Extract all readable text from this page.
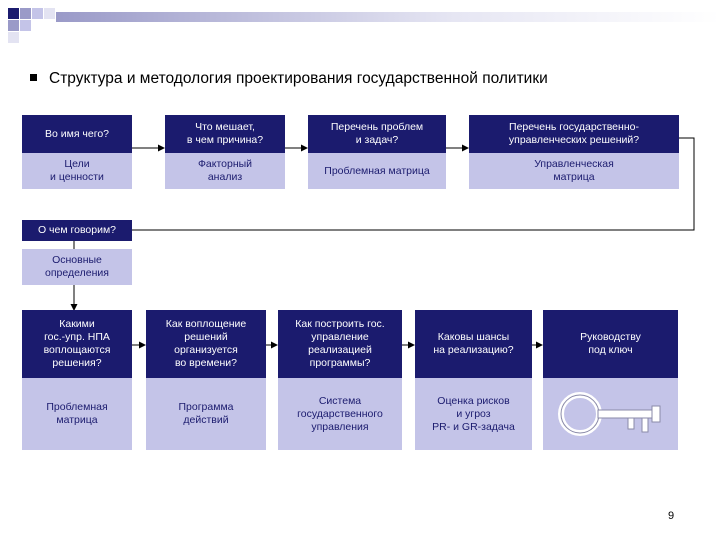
Структура и методология проектирования государственной политики
Во имя чего?
Что мешает,
в чем причина?
Перечень проблем
и задач?
Перечень государственно-
управленческих решений?
Цели
и ценности
Факторный
анализ
Проблемная матрица
Управленческая
матрица
О чем говорим?
Основные
определения
Какими
гос.-упр. НПА
воплощаются
решения?
Как воплощение
решений
организуется
во времени?
Как построить гос.
управление
реализацией
программы?
Каковы шансы
на реализацию?
Руководству
под ключ
Проблемная
матрица
Программа
действий
Система
государственного
управления
Оценка рисков
и угроз
PR- и GR-задача
9
